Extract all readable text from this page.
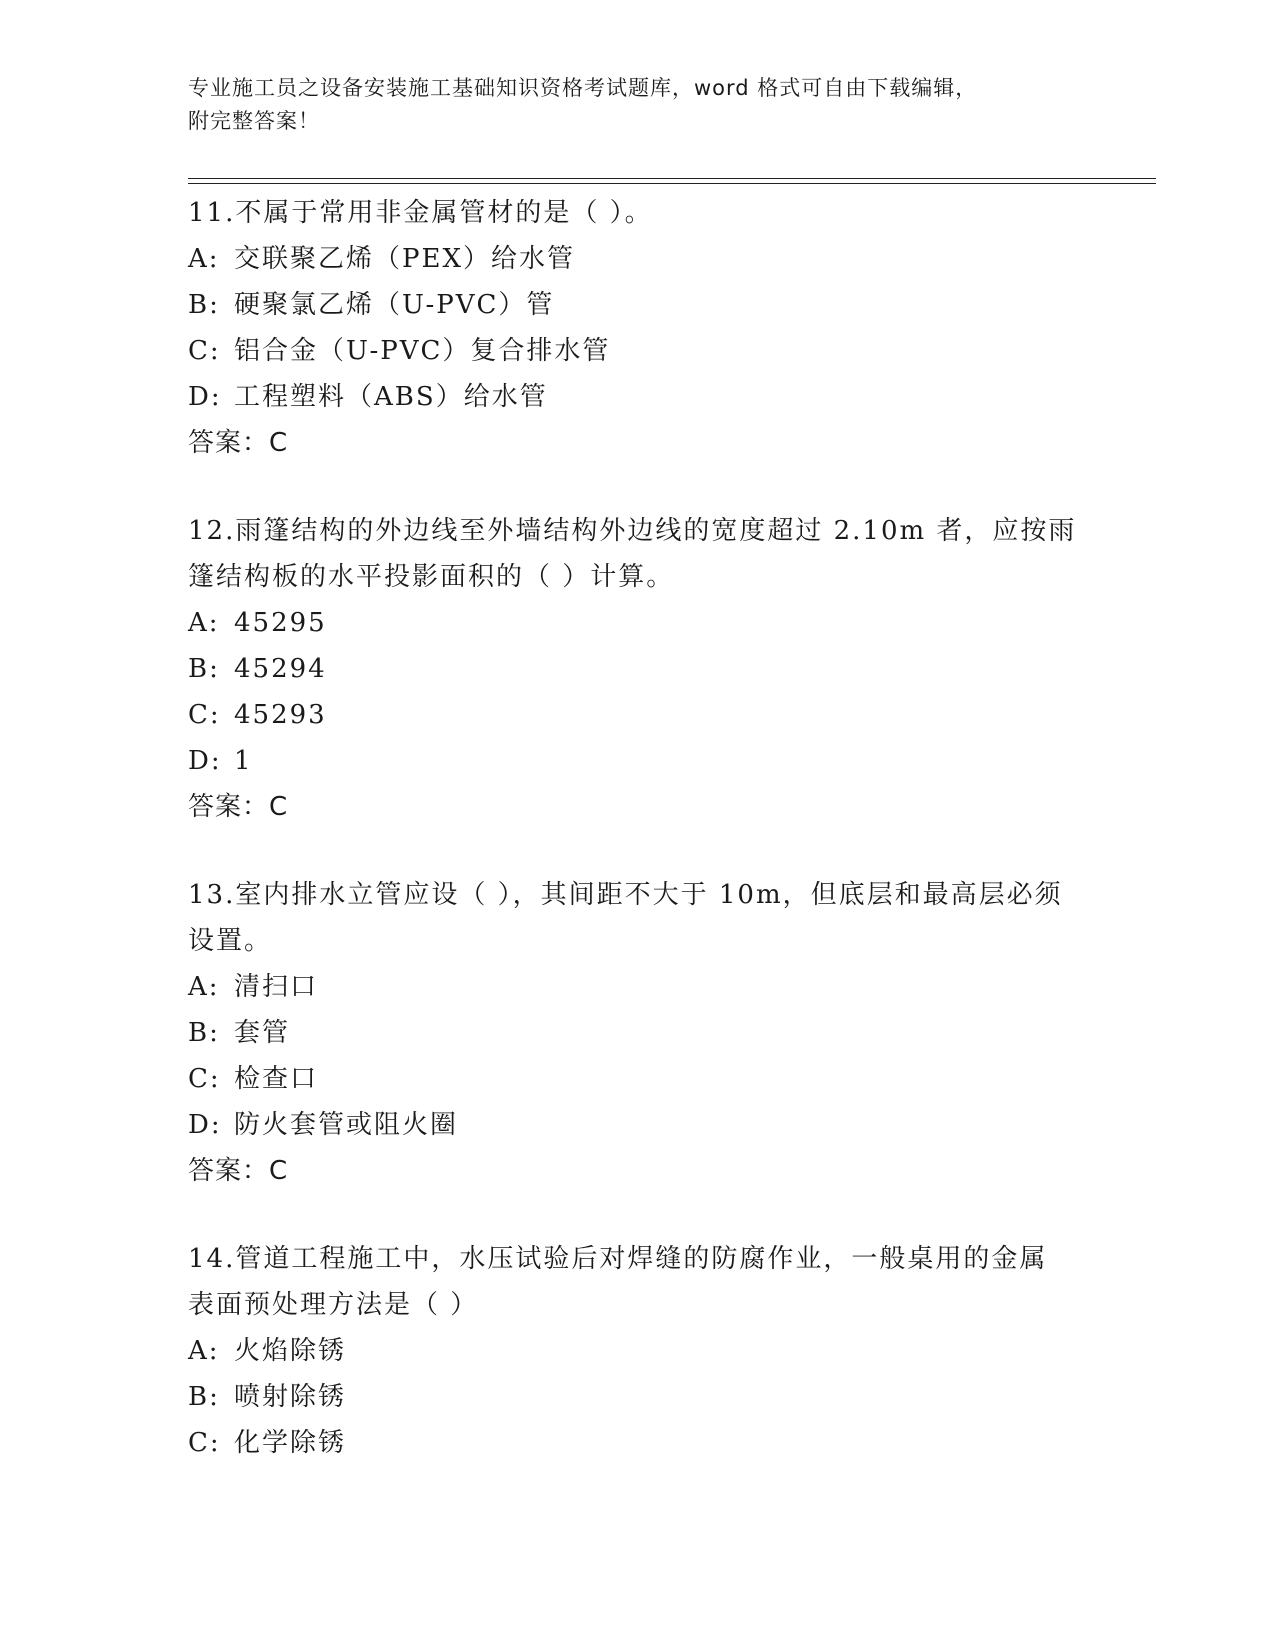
专业施工员之设备安装施工基础知识资格考试题库，word 格式可自由下载编辑，
附完整答案！
11.不属于常用非金属管材的是（ ）。
A: 交联聚乙烯（PEX）给水管
B: 硬聚氯乙烯（U-PVC）管
C: 铝合金（U-PVC）复合排水管
D: 工程塑料（ABS）给水管
答案：C
12.雨篷结构的外边线至外墙结构外边线的宽度超过 2.10m 者，应按雨
篷结构板的水平投影面积的（ ）计算。
A: 45295
B: 45294
C: 45293
D: 1
答案：C
13.室内排水立管应设（ ），其间距不大于 10m，但底层和最高层必须
设置。
A: 清扫口
B: 套管
C: 检查口
D: 防火套管或阻火圈
答案：C
14.管道工程施工中，水压试验后对焊缝的防腐作业，一般桌用的金属
表面预处理方法是（ ）
A: 火焰除锈
B: 喷射除锈
C: 化学除锈
